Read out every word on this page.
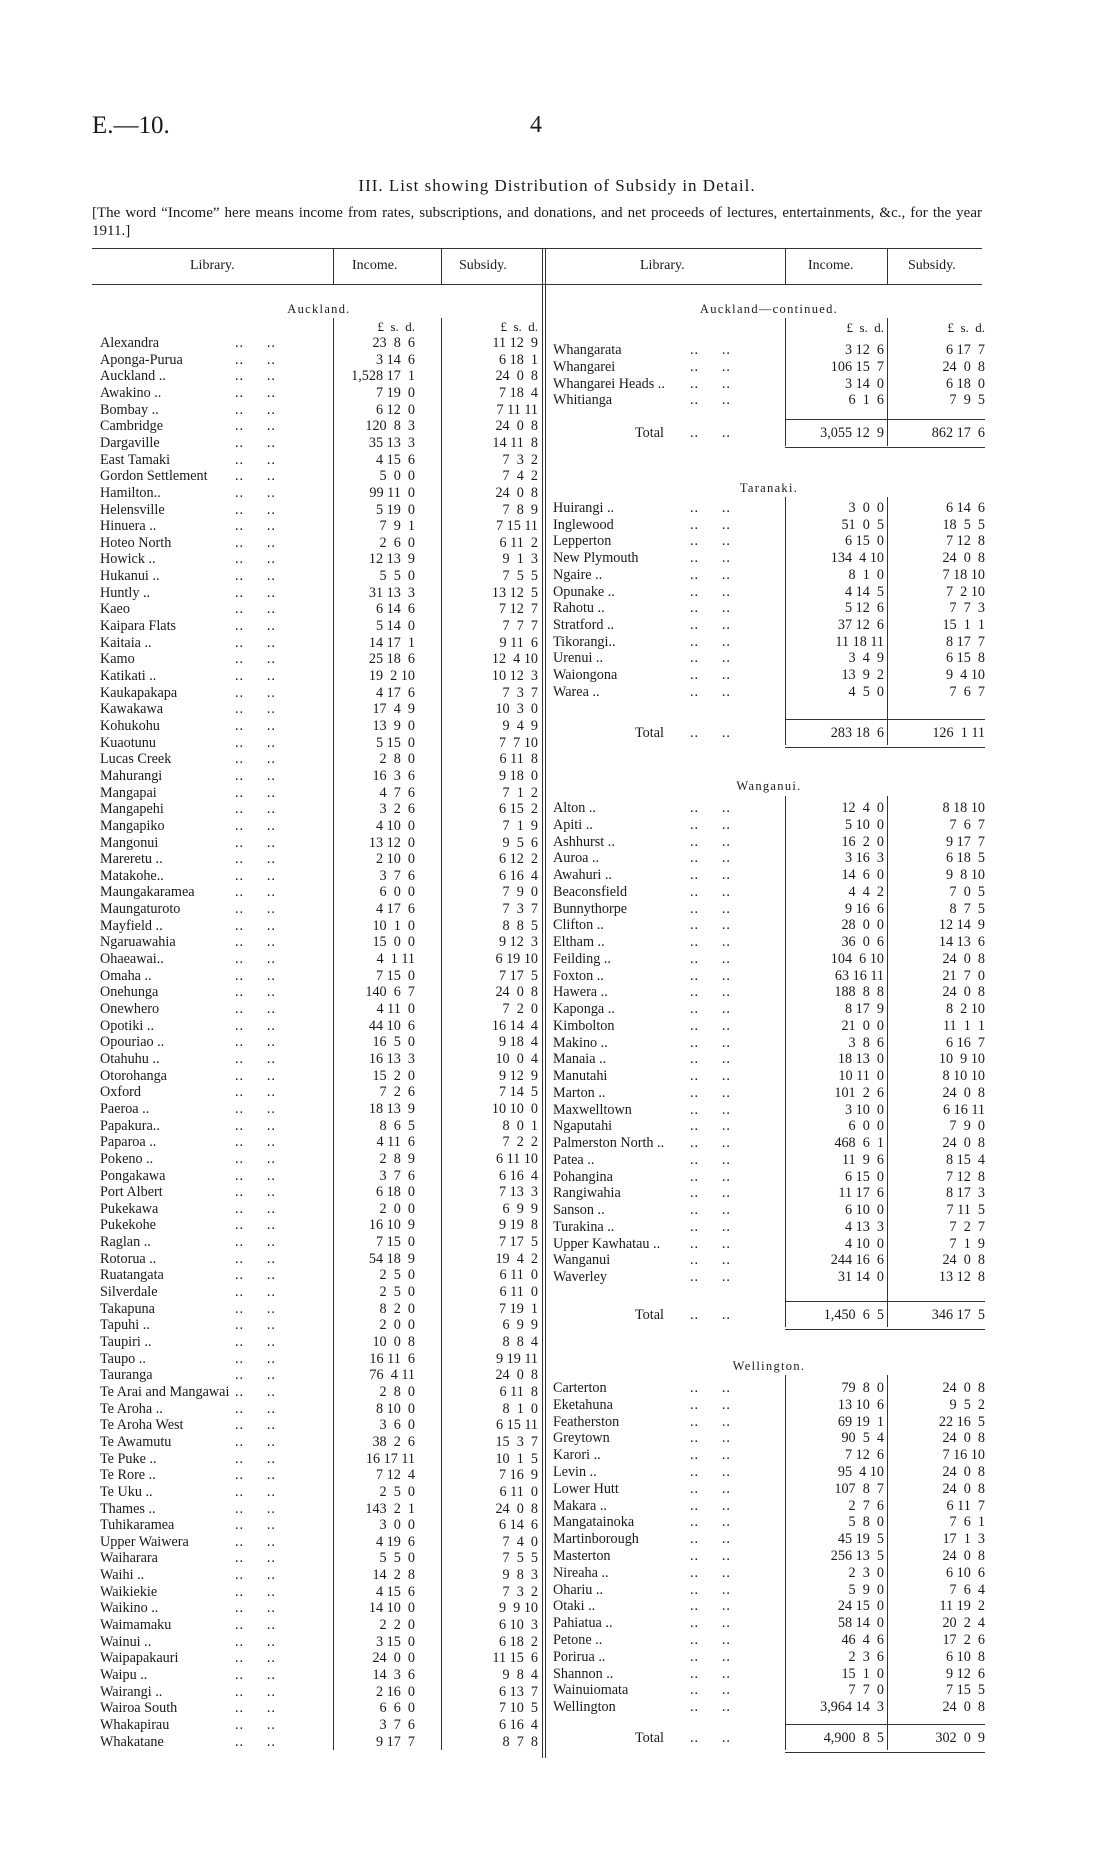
E.—10.	4
III. List showing Distribution of Subsidy in Detail.
[The word “Income” here means income from rates, subscriptions, and donations, and net proceeds of lectures, entertainments, &c., for the year 1911.]
Library.	Income.	Subsidy.	Library.	Income.	Subsidy.
Auckland.
£  s.  d.	£  s.  d.
Alexandra	..     ..	23  8  6	11 12  9
Aponga-Purua	..     ..	3 14  6	6 18  1
Auckland ..	..     ..	1,528 17  1	24  0  8
Awakino ..	..     ..	7 19  0	7 18  4
Bombay ..	..     ..	6 12  0	7 11 11
Cambridge	..     ..	120  8  3	24  0  8
Dargaville	..     ..	35 13  3	14 11  8
East Tamaki	..     ..	4 15  6	7  3  2
Gordon Settlement ..     ..	5  0  0	7  4  2
Hamilton..	..     ..	99 11  0	24  0  8
Helensville	..     ..	5 19  0	7  8  9
Hinuera ..	..     ..	7  9  1	7 15 11
Hoteo North	..     ..	2  6  0	6 11  2
Howick ..	..     ..	12 13  9	9  1  3
Hukanui ..	..     ..	5  5  0	7  5  5
Huntly ..	..     ..	31 13  3	13 12  5
Kaeo	..     ..	6 14  6	7 12  7
Kaipara Flats	..     ..	5 14  0	7  7  7
Kaitaia ..	..     ..	14 17  1	9 11  6
Kamo	..     ..	25 18  6	12  4 10
Katikati ..	..     ..	19  2 10	10 12  3
Kaukapakapa	..     ..	4 17  6	7  3  7
Kawakawa	..     ..	17  4  9	10  3  0
Kohukohu	..     ..	13  9  0	9  4  9
Kuaotunu	..     ..	5 15  0	7  7 10
Lucas Creek	..     ..	2  8  0	6 11  8
Mahurangi	..     ..	16  3  6	9 18  0
Mangapai	..     ..	4  7  6	7  1  2
Mangapehi	..     ..	3  2  6	6 15  2
Mangapiko	..     ..	4 10  0	7  1  9
Mangonui	..     ..	13 12  0	9  5  6
Mareretu ..	..     ..	2 10  0	6 12  2
Matakohe..	..     ..	3  7  6	6 16  4
Maungakaramea	..     ..	6  0  0	7  9  0
Maungaturoto	..     ..	4 17  6	7  3  7
Mayfield ..	..     ..	10  1  0	8  8  5
Ngaruawahia	..     ..	15  0  0	9 12  3
Ohaeawai..	..     ..	4  1 11	6 19 10
Omaha ..	..     ..	7 15  0	7 17  5
Onehunga	..     ..	140  6  7	24  0  8
Onewhero	..     ..	4 11  0	7  2  0
Opotiki ..	..     ..	44 10  6	16 14  4
Opouriao ..	..     ..	16  5  0	9 18  4
Otahuhu ..	..     ..	16 13  3	10  0  4
Otorohanga	..     ..	15  2  0	9 12  9
Oxford	..     ..	7  2  6	7 14  5
Paeroa ..	..     ..	18 13  9	10 10  0
Papakura..	..     ..	8  6  5	8  0  1
Paparoa ..	..     ..	4 11  6	7  2  2
Pokeno ..	..     ..	2  8  9	6 11 10
Pongakawa	..     ..	3  7  6	6 16  4
Port Albert	..     ..	6 18  0	7 13  3
Pukekawa	..     ..	2  0  0	6  9  9
Pukekohe	..     ..	16 10  9	9 19  8
Raglan ..	..     ..	7 15  0	7 17  5
Rotorua ..	..     ..	54 18  9	19  4  2
Ruatangata	..     ..	2  5  0	6 11  0
Silverdale	..     ..	2  5  0	6 11  0
Takapuna	..     ..	8  2  0	7 19  1
Tapuhi ..	..     ..	2  0  0	6  9  9
Taupiri ..	..     ..	10  0  8	8  8  4
Taupo ..	..     ..	16 11  6	9 19 11
Tauranga	..     ..	76  4 11	24  0  8
Te Arai and Mangawai ..     ..	2  8  0	6 11  8
Te Aroha ..	..     ..	8 10  0	8  1  0
Te Aroha West	..     ..	3  6  0	6 15 11
Te Awamutu	..     ..	38  2  6	15  3  7
Te Puke ..	..     ..	16 17 11	10  1  5
Te Rore ..	..     ..	7 12  4	7 16  9
Te Uku ..	..     ..	2  5  0	6 11  0
Thames ..	..     ..	143  2  1	24  0  8
Tuhikaramea	..     ..	3  0  0	6 14  6
Upper Waiwera	..     ..	4 19  6	7  4  0
Waiharara	..     ..	5  5  0	7  5  5
Waihi ..	..     ..	14  2  8	9  8  3
Waikiekie	..     ..	4 15  6	7  3  2
Waikino ..	..     ..	14 10  0	9  9 10
Waimamaku	..     ..	2  2  0	6 10  3
Wainui ..	..     ..	3 15  0	6 18  2
Waipapakauri	..     ..	24  0  0	11 15  6
Waipu ..	..     ..	14  3  6	9  8  4
Wairangi ..	..     ..	2 16  0	6 13  7
Wairoa South	..     ..	6  6  0	7 10  5
Whakapirau	..     ..	3  7  6	6 16  4
Whakatane	..     ..	9 17  7	8  7  8
Auckland—continued.
£  s.  d.	£  s.  d.
Whangarata	..     ..	3 12  6	6 17  7
Whangarei	..     ..	106 15  7	24  0  8
Whangarei Heads .. ..     ..	3 14  0	6 18  0
Whitianga	..     ..	6  1  6	7  9  5
Total ..     ..	3,055 12  9	862 17  6
Taranaki.
Huirangi ..	..     ..	3  0  0	6 14  6
Inglewood	..     ..	51  0  5	18  5  5
Lepperton	..     ..	6 15  0	7 12  8
New Plymouth	..     ..	134  4 10	24  0  8
Ngaire ..	..     ..	8  1  0	7 18 10
Opunake ..	..     ..	4 14  5	7  2 10
Rahotu ..	..     ..	5 12  6	7  7  3
Stratford ..	..     ..	37 12  6	15  1  1
Tikorangi..	..     ..	11 18 11	8 17  7
Urenui ..	..     ..	3  4  9	6 15  8
Waiongona	..     ..	13  9  2	9  4 10
Warea ..	..     ..	4  5  0	7  6  7
Total ..     ..	283 18  6	126  1 11
Wanganui.
Alton ..	..     ..	12  4  0	8 18 10
Apiti ..	..     ..	5 10  0	7  6  7
Ashhurst ..	..     ..	16  2  0	9 17  7
Auroa ..	..     ..	3 16  3	6 18  5
Awahuri ..	..     ..	14  6  0	9  8 10
Beaconsfield	..     ..	4  4  2	7  0  5
Bunnythorpe	..     ..	9 16  6	8  7  5
Clifton ..	..     ..	28  0  0	12 14  9
Eltham ..	..     ..	36  0  6	14 13  6
Feilding ..	..     ..	104  6 10	24  0  8
Foxton ..	..     ..	63 16 11	21  7  0
Hawera ..	..     ..	188  8  8	24  0  8
Kaponga ..	..     ..	8 17  9	8  2 10
Kimbolton	..     ..	21  0  0	11  1  1
Makino ..	..     ..	3  8  6	6 16  7
Manaia ..	..     ..	18 13  0	10  9 10
Manutahi	..     ..	10 11  0	8 10 10
Marton ..	..     ..	101  2  6	24  0  8
Maxwelltown	..     ..	3 10  0	6 16 11
Ngaputahi	..     ..	6  0  0	7  9  0
Palmerston North .. ..     ..	468  6  1	24  0  8
Patea ..	..     ..	11  9  6	8 15  4
Pohangina	..     ..	6 15  0	7 12  8
Rangiwahia	..     ..	11 17  6	8 17  3
Sanson ..	..     ..	6 10  0	7 11  5
Turakina ..	..     ..	4 13  3	7  2  7
Upper Kawhatau .. ..     ..	4 10  0	7  1  9
Wanganui	..     ..	244 16  6	24  0  8
Waverley	..     ..	31 14  0	13 12  8
Total ..     ..	1,450  6  5	346 17  5
Wellington.
Carterton	..     ..	79  8  0	24  0  8
Eketahuna	..     ..	13 10  6	9  5  2
Featherston	..     ..	69 19  1	22 16  5
Greytown	..     ..	90  5  4	24  0  8
Karori ..	..     ..	7 12  6	7 16 10
Levin ..	..     ..	95  4 10	24  0  8
Lower Hutt	..     ..	107  8  7	24  0  8
Makara ..	..     ..	2  7  6	6 11  7
Mangatainoka	..     ..	5  8  0	7  6  1
Martinborough	..     ..	45 19  5	17  1  3
Masterton	..     ..	256 13  5	24  0  8
Nireaha ..	..     ..	2  3  0	6 10  6
Ohariu ..	..     ..	5  9  0	7  6  4
Otaki ..	..     ..	24 15  0	11 19  2
Pahiatua ..	..     ..	58 14  0	20  2  4
Petone ..	..     ..	46  4  6	17  2  6
Porirua ..	..     ..	2  3  6	6 10  8
Shannon ..	..     ..	15  1  0	9 12  6
Wainuiomata	..     ..	7  7  0	7 15  5
Wellington	..     ..	3,964 14  3	24  0  8
Total ..     ..	4,900  8  5	302  0  9
